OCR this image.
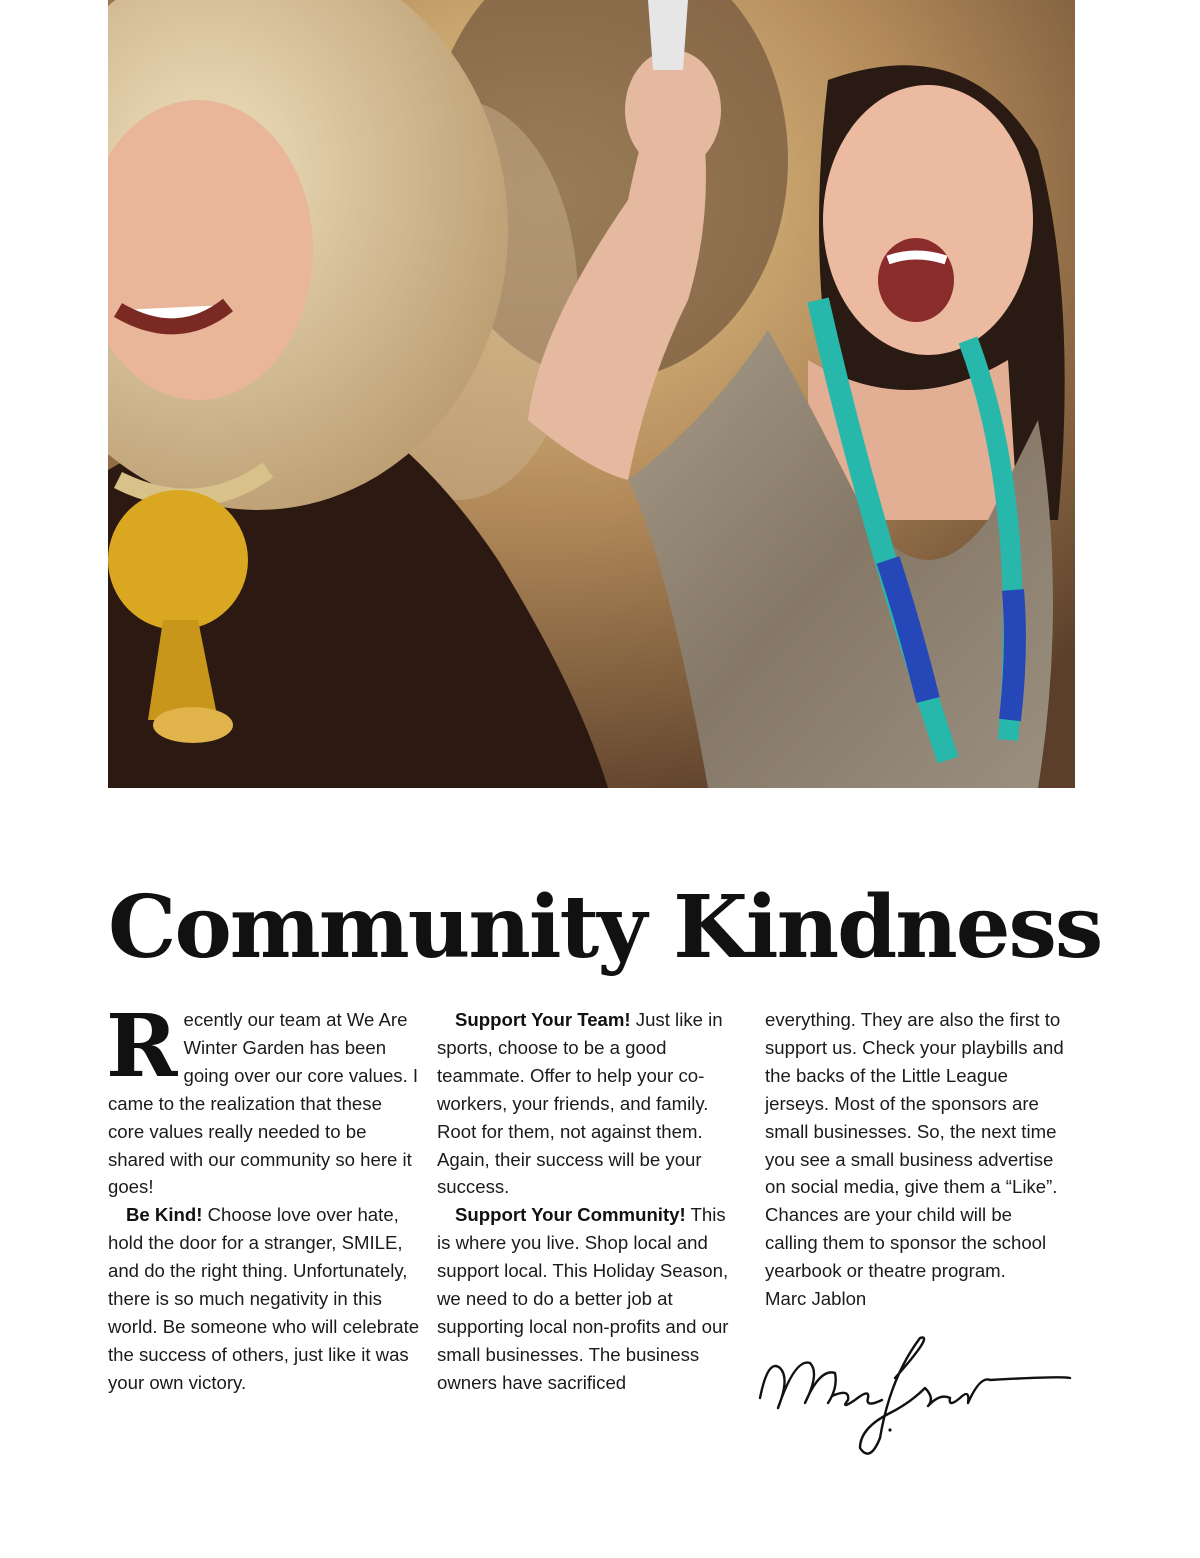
Community Kindness

Recently our team at We Are Winter Garden has been going over our core values. I came to the realization that these core values really needed to be shared with our community so here it goes!

Be Kind! Choose love over hate, hold the door for a stranger, SMILE, and do the right thing. Unfortunately, there is so much negativity in this world. Be someone who will celebrate the success of others, just like it was your own victory.

Support Your Team! Just like in sports, choose to be a good teammate. Offer to help your co-workers, your friends, and family. Root for them, not against them. Again, their success will be your success.

Support Your Community! This is where you live. Shop local and support local. This Holiday Season, we need to do a better job at supporting local non-profits and our small businesses. The business owners have sacrificed

everything. They are also the first to support us. Check your playbills and the backs of the Little League jerseys. Most of the sponsors are small businesses. So, the next time you see a small business advertise on social media, give them a “Like”. Chances are your child will be calling them to sponsor the school yearbook or theatre program.

Marc Jablon
